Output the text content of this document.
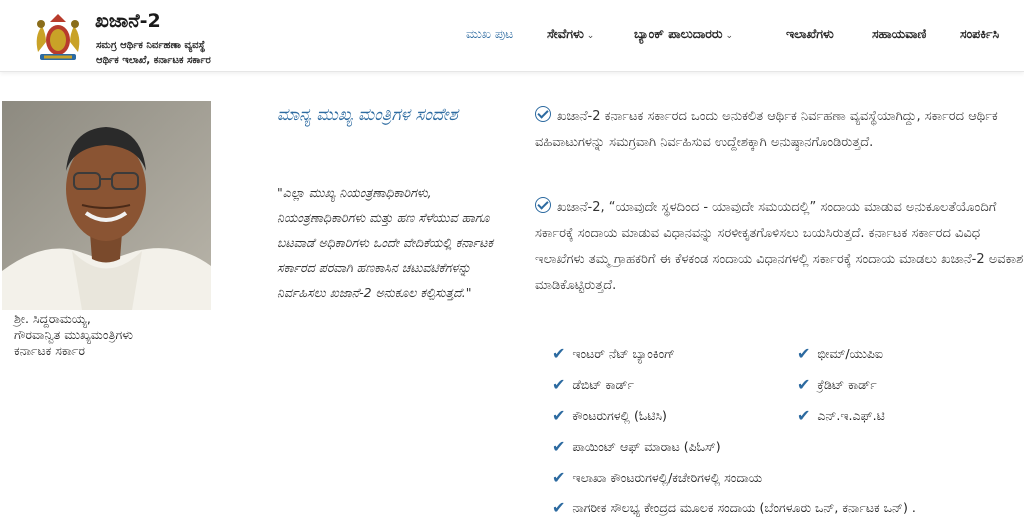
ಖಜಾನೆ-2
ಸಮಗ್ರ ಆರ್ಥಿಕ ನಿರ್ವಹಣಾ ವ್ಯವಸ್ಥೆ
ಆರ್ಥಿಕ ಇಲಾಖೆ, ಕರ್ನಾಟಕ ಸರ್ಕಾರ
ಮುಖ ಪುಟ	ಸೇವೆಗಳು ⌄	ಬ್ಯಾಂಕ್ ಪಾಲುದಾರರು ⌄	ಇಲಾಖೆಗಳು	ಸಹಾಯವಾಣಿ	ಸಂಪರ್ಕಿಸಿ
ಶ್ರೀ. ಸಿದ್ದರಾಮಯ್ಯ,
ಗೌರವಾನ್ವಿತ ಮುಖ್ಯಮಂತ್ರಿಗಳು
ಕರ್ನಾಟಕ ಸರ್ಕಾರ
ಮಾನ್ಯ ಮುಖ್ಯ ಮಂತ್ರಿಗಳ ಸಂದೇಶ
"ಎಲ್ಲಾ ಮುಖ್ಯ ನಿಯಂತ್ರಣಾಧಿಕಾರಿಗಳು, ನಿಯಂತ್ರಣಾಧಿಕಾರಿಗಳು ಮತ್ತು ಹಣ ಸೆಳೆಯುವ ಹಾಗೂ ಬಟವಾಡೆ ಅಧಿಕಾರಿಗಳು ಒಂದೇ ವೇದಿಕೆಯಲ್ಲಿ ಕರ್ನಾಟಕ ಸರ್ಕಾರದ ಪರವಾಗಿ ಹಣಕಾಸಿನ ಚಟುವಟಿಕೆಗಳನ್ನು ನಿರ್ವಹಿಸಲು ಖಜಾನೆ-2 ಅನುಕೂಲ ಕಲ್ಪಿಸುತ್ತದೆ."
ಖಜಾನೆ-2 ಕರ್ನಾಟಕ ಸರ್ಕಾರದ ಒಂದು ಅನುಕಲಿತ ಆರ್ಥಿಕ ನಿರ್ವಹಣಾ ವ್ಯವಸ್ಥೆಯಾಗಿದ್ದು, ಸರ್ಕಾರದ ಆರ್ಥಿಕ ವಹಿವಾಟುಗಳನ್ನು ಸಮಗ್ರವಾಗಿ ನಿರ್ವಹಿಸುವ ಉದ್ದೇಶಕ್ಕಾಗಿ ಅನುಷ್ಠಾನಗೊಂಡಿರುತ್ತದೆ.
ಖಜಾನೆ-2, “ಯಾವುದೇ ಸ್ಥಳದಿಂದ - ಯಾವುದೇ ಸಮಯದಲ್ಲಿ” ಸಂದಾಯ ಮಾಡುವ ಅನುಕೂಲತೆಯೊಂದಿಗೆ ಸರ್ಕಾರಕ್ಕೆ ಸಂದಾಯ ಮಾಡುವ ವಿಧಾನವನ್ನು ಸರಳೀಕೃತಗೊಳಿಸಲು ಬಯಸಿರುತ್ತದೆ. ಕರ್ನಾಟಕ ಸರ್ಕಾರದ ವಿವಿಧ ಇಲಾಖೆಗಳು ತಮ್ಮ ಗ್ರಾಹಕರಿಗೆ ಈ ಕೆಳಕಂಡ ಸಂದಾಯ ವಿಧಾನಗಳಲ್ಲಿ ಸರ್ಕಾರಕ್ಕೆ ಸಂದಾಯ ಮಾಡಲು ಖಜಾನೆ-2 ಅವಕಾಶ ಮಾಡಿಕೊಟ್ಟಿರುತ್ತದೆ.
✔ ಇಂಟರ್ ನೆಟ್ ಬ್ಯಾಂಕಿಂಗ್	✔ ಭೀಮ್/ಯುಪಿಐ
✔ ಡೆಬಿಟ್ ಕಾರ್ಡ್	✔ ಕ್ರೆಡಿಟ್ ಕಾರ್ಡ್
✔ ಕೌಂಟರುಗಳಲ್ಲಿ (ಓಟಿಸಿ)	✔ ಎನ್.ಇ.ಎಫ್.ಟಿ
✔ ಪಾಯಿಂಟ್ ಆಫ್ ಮಾರಾಟ (ಪಿಓಸ್)
✔ ಇಲಾಖಾ ಕೌಂಟರುಗಳಲ್ಲಿ/ಕಚೇರಿಗಳಲ್ಲಿ ಸಂದಾಯ
✔ ನಾಗರೀಕ ಸೌಲಭ್ಯ ಕೇಂದ್ರದ ಮೂಲಕ ಸಂದಾಯ (ಬೆಂಗಳೂರು ಒನ್, ಕರ್ನಾಟಕ ಒನ್) .
